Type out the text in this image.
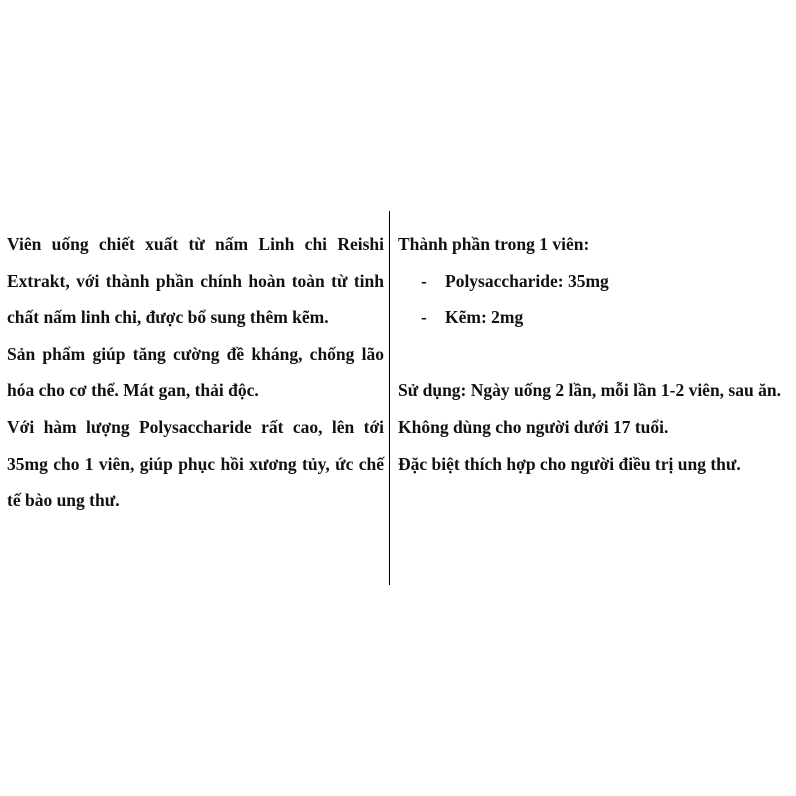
Viên uống chiết xuất từ nấm Linh chi Reishi Extrakt, với thành phần chính hoàn toàn từ tinh chất nấm linh chi, được bổ sung thêm kẽm.

Sản phẩm giúp tăng cường đề kháng, chống lão hóa cho cơ thể. Mát gan, thải độc.

Với hàm lượng Polysaccharide rất cao, lên tới 35mg cho 1 viên, giúp phục hồi xương tủy, ức chế tế bào ung thư.

Thành phần trong 1 viên:

- Polysaccharide: 35mg
- Kẽm: 2mg

Sử dụng: Ngày uống 2 lần, mỗi lần 1-2 viên, sau ăn.

Không dùng cho người dưới 17 tuổi.

Đặc biệt thích hợp cho người điều trị ung thư.
